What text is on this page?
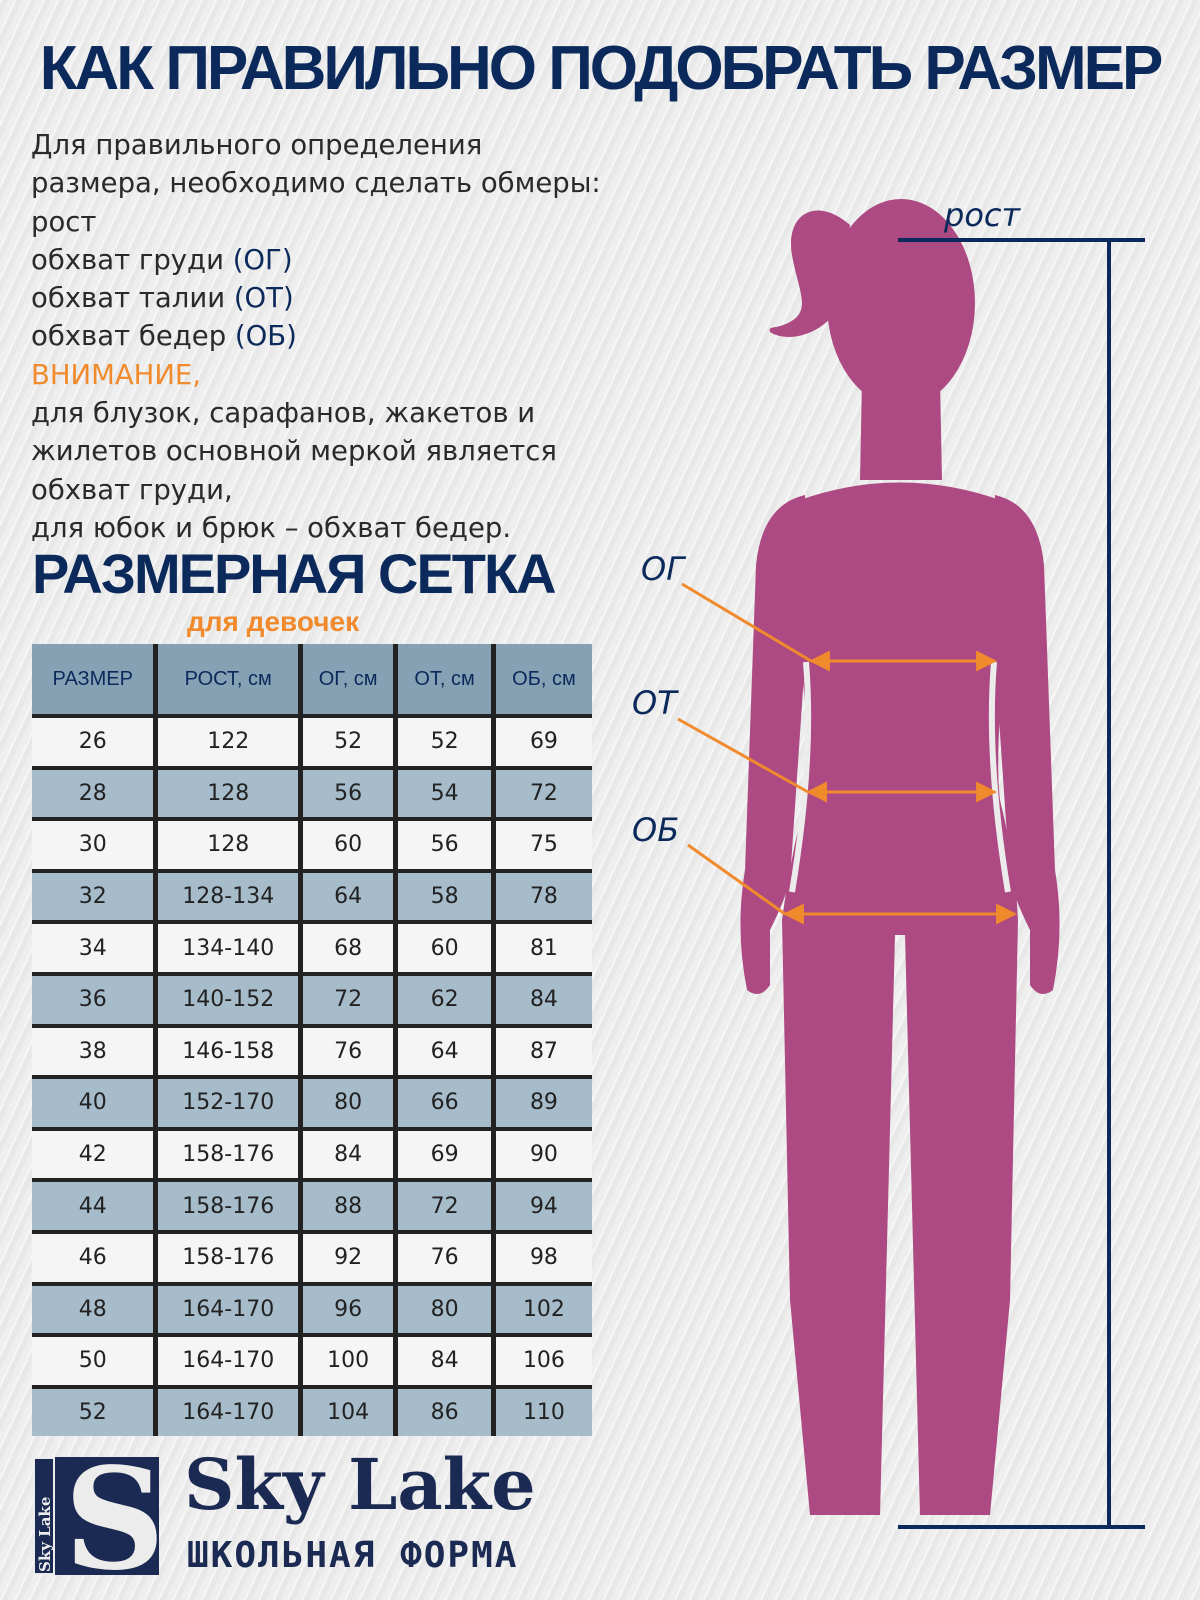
КАК ПРАВИЛЬНО ПОДОБРАТЬ РАЗМЕР
Для правильного определения
размера, необходимо сделать обмеры:
рост
обхват груди (ОГ)
обхват талии (ОТ)
обхват бедер (ОБ)
ВНИМАНИЕ,
для блузок, сарафанов, жакетов и
жилетов основной меркой является
обхват груди,
для юбок и брюк – обхват бедер.
РАЗМЕРНАЯ СЕТКА
для девочек
РАЗМЕР	РОСТ, см	ОГ, см	ОТ, см	ОБ, см
26	122	52	52	69
28	128	56	54	72
30	128	60	56	75
32	128-134	64	58	78
34	134-140	68	60	81
36	140-152	72	62	84
38	146-158	76	64	87
40	152-170	80	66	89
42	158-176	84	69	90
44	158-176	88	72	94
46	158-176	92	76	98
48	164-170	96	80	102
50	164-170	100	84	106
52	164-170	104	86	110
рост
ОГ
ОТ
ОБ
Sky Lake S Sky Lake
ШКОЛЬНАЯ ФОРМА
